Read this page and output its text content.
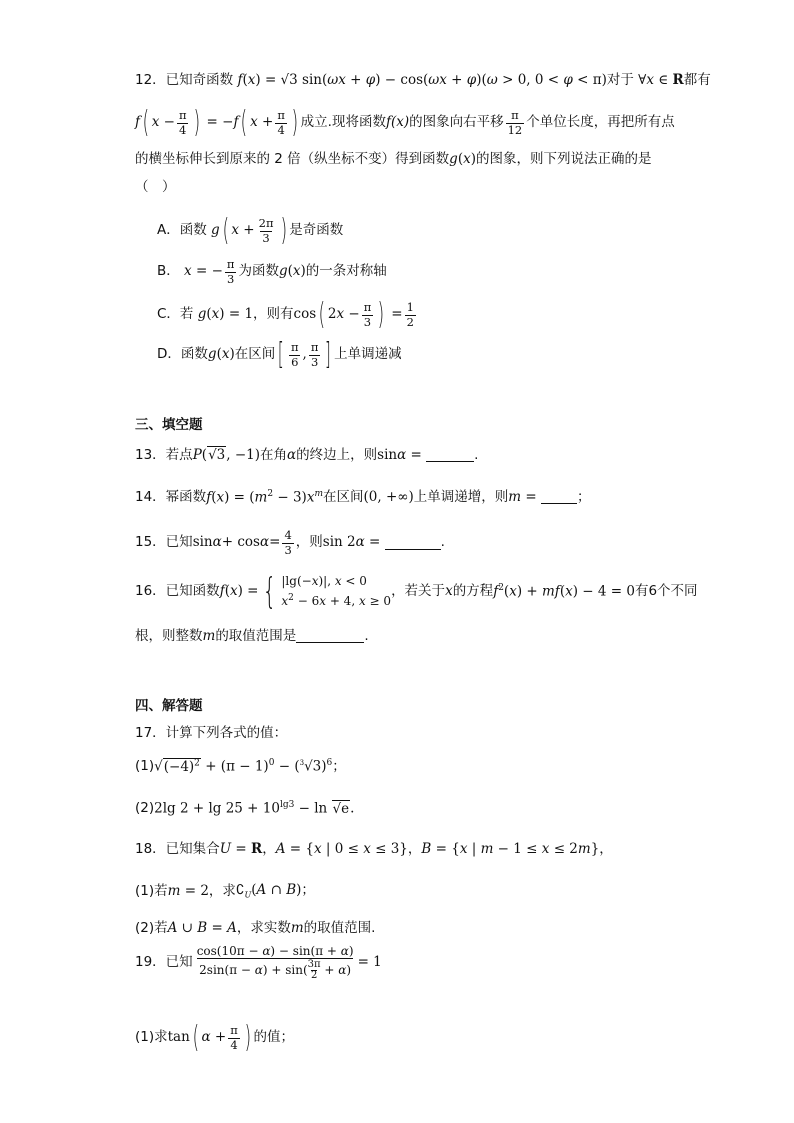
12．已知奇函数 f(x) = √3 sin(ωx + φ) − cos(ωx + φ)(ω > 0, 0 < φ < π) 对于 ∀x ∈ R 都有
f ( $x - \frac{\pi}{4}$ ) = − f ( $x + \frac{\pi}{4}$ ) 成立.现将函数 f(x) 的图象向右平移 $\frac{\pi}{12}$ 个单位长度，再把所有点
的横坐标伸长到原来的 2 倍（纵坐标不变）得到函数 g(x) 的图象，则下列说法正确的是
（　）
A．函数 g ( $x + \frac{2\pi}{3}$ ) 是奇函数
B． x = − $\frac{\pi}{3}$ 为函数 g(x) 的一条对称轴
C．若 g(x) = 1 ，则有 cos ( $2x - \frac{\pi}{3}$ ) = $\frac{1}{2}$
D．函数 g(x) 在区间 [ $\frac{\pi}{6}$ , $\frac{\pi}{3}$ ] 上单调递减
三、填空题
13．若点 P(√3, −1) 在角 α 的终边上，则 sin α =	.
14．幂函数 $f(x) = (m^2 - 3)x^m$ 在区间 (0, +∞) 上单调递增，则 m =	；
15．已知 $\sin \alpha + \cos \alpha = \frac{4}{3}$ ，则 sin 2 α =	.
16．已知函数 f(x) = { |lg(−x)|, x < 0
$x^2 - 6x + 4$, x ≥ 0
，若关于 x 的方程 $f^2(x) + mf(x) - 4 = 0$ 有6个不同
根，则整数 m 的取值范围是	.
四、解答题
17．计算下列各式的值：
(1) $√(-4)^2 + (\pi - 1)^0 - (^3√3)^6$；
(2) 2lg $2 + \lg 25 + 10^{lg3} - \ln √e$.
18．已知集合 U = R，A = {x | 0 ≤ x ≤ 3}，B = {x | m − 1 ≤ x ≤ 2m}，
(1)若 m = 2 ，求 $∁_U(A$ ∩ B)；
(2)若 A ∪ B = A ，求实数 m 的取值范围.
19．已知 $\frac{\cos(10\pi - \alpha) - \sin(\pi + \alpha)}{2\sin(\pi - \alpha) + \sin( \frac{3\pi}{2} + \alpha)} = 1$
(1)求 tan ( $\alpha + \frac{\pi}{4}$ ) 的值；
